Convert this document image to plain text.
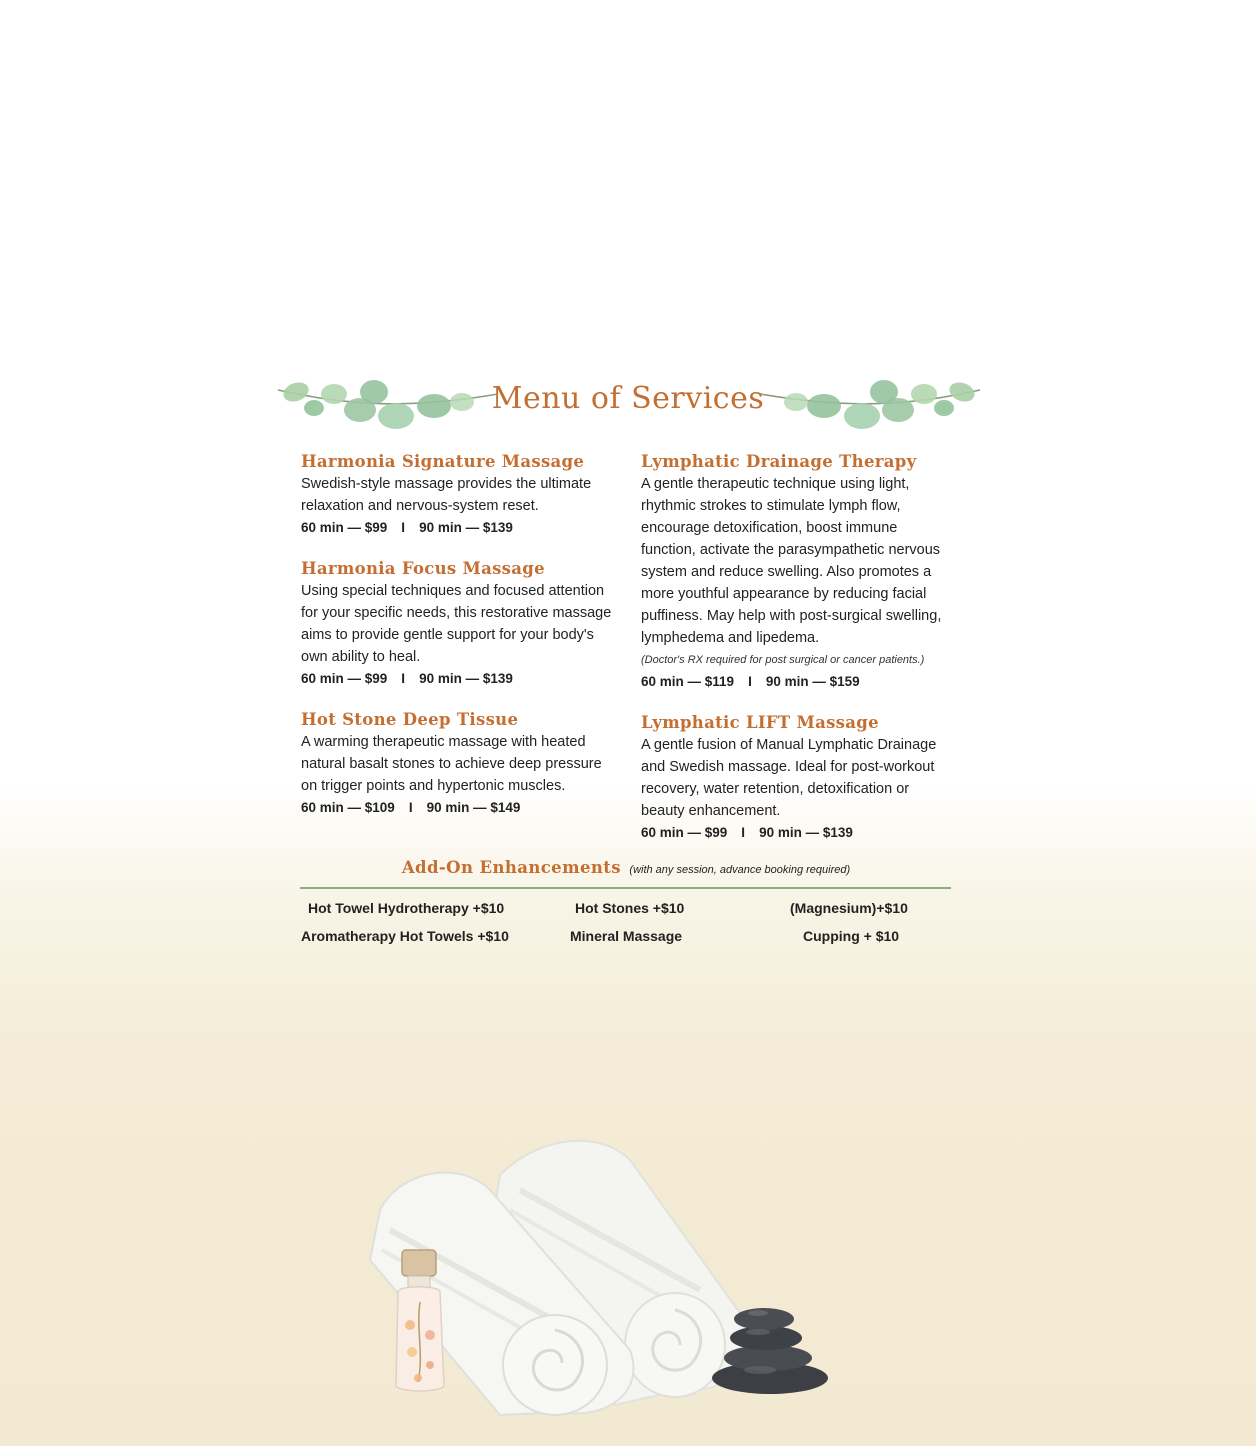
Menu of Services

Harmonia Signature Massage

Swedish-style massage provides the ultimate relaxation and nervous-system reset.

60 min — $99 I 90 min — $139

Harmonia Focus Massage

Using special techniques and focused attention for your specific needs, this restorative massage aims to provide gentle support for your body's own ability to heal.

60 min — $99 I 90 min — $139

Hot Stone Deep Tissue

A warming therapeutic massage with heated natural basalt stones to achieve deep pressure on trigger points and hypertonic muscles.

60 min — $109 I 90 min — $149

Lymphatic Drainage Therapy

A gentle therapeutic technique using light, rhythmic strokes to stimulate lymph flow, encourage detoxification, boost immune function, activate the parasympathetic nervous system and reduce swelling. Also promotes a more youthful appearance by reducing facial puffiness. May help with post-surgical swelling, lymphedema and lipedema.

(Doctor's RX required for post surgical or cancer patients.)

60 min — $119 I 90 min — $159

Lymphatic LIFT Massage

A gentle fusion of Manual Lymphatic Drainage and Swedish massage. Ideal for post-workout recovery, water retention, detoxification or beauty enhancement.

60 min — $99 I 90 min — $139

Add-On Enhancements (with any session, advance booking required)
Hot Towel Hydrotherapy +$10	Hot Stones +$10	(Magnesium)+$10
Aromatherapy Hot Towels +$10	Mineral Massage	Cupping + $10
